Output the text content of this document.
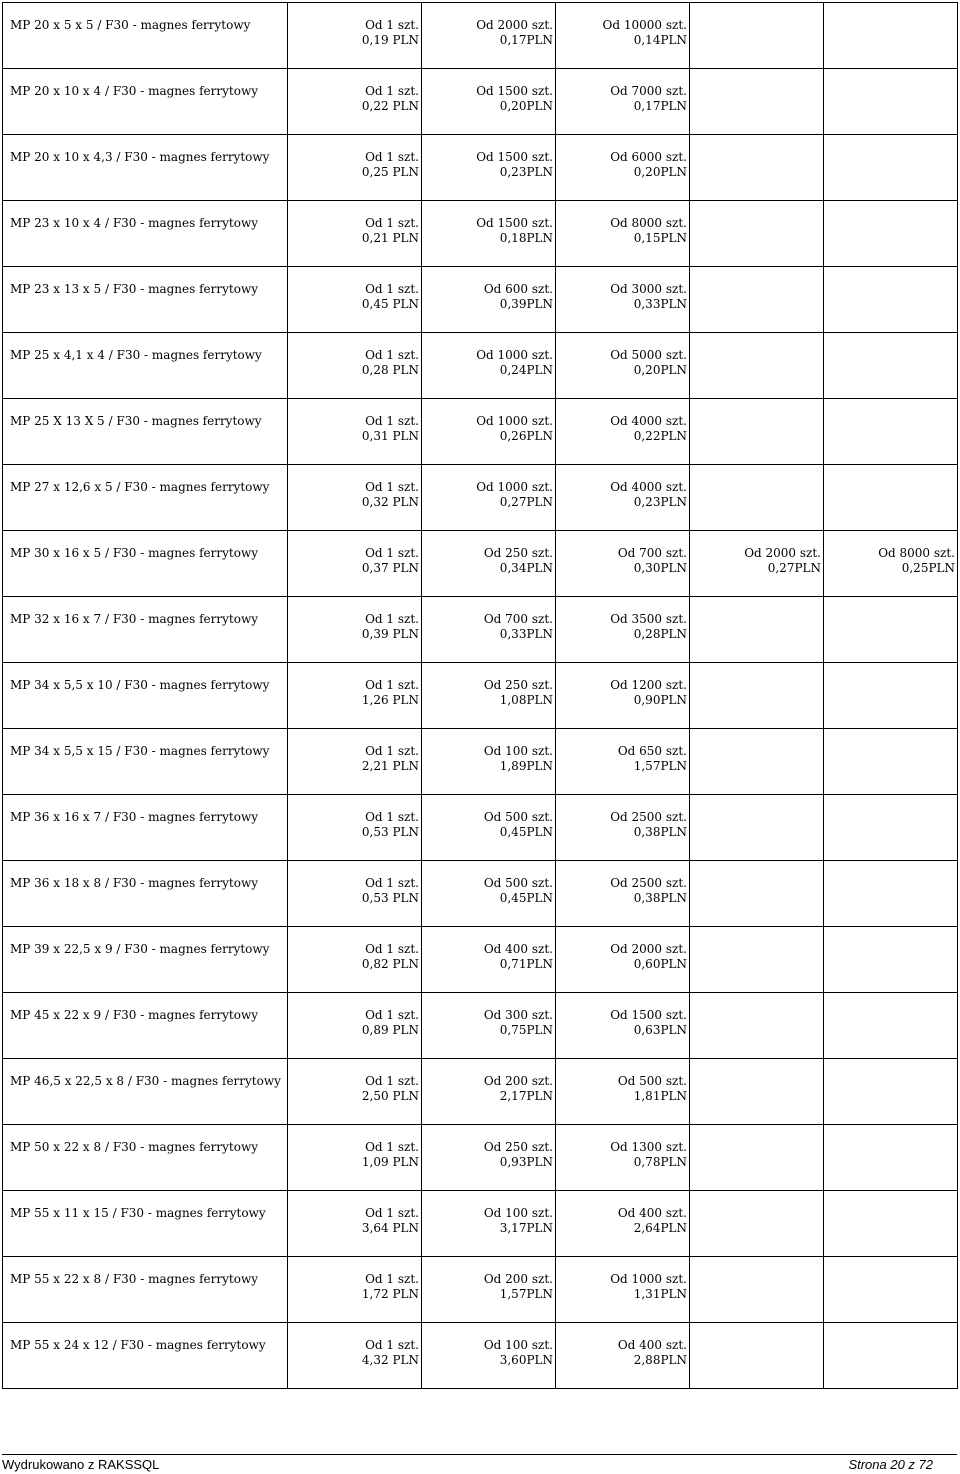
MP 20 x 5 x 5 / F30 - magnes ferrytowy	Od 1 szt.
0,19 PLN	Od 2000 szt.
0,17PLN	Od 10000 szt.
0,14PLN		

MP 20 x 10 x 4 / F30 - magnes ferrytowy	Od 1 szt.
0,22 PLN	Od 1500 szt.
0,20PLN	Od 7000 szt.
0,17PLN		

MP 20 x 10 x 4,3 / F30 - magnes ferrytowy	Od 1 szt.
0,25 PLN	Od 1500 szt.
0,23PLN	Od 6000 szt.
0,20PLN		

MP 23 x 10 x 4 / F30 - magnes ferrytowy	Od 1 szt.
0,21 PLN	Od 1500 szt.
0,18PLN	Od 8000 szt.
0,15PLN		

MP 23 x 13 x 5 / F30 - magnes ferrytowy	Od 1 szt.
0,45 PLN	Od 600 szt.
0,39PLN	Od 3000 szt.
0,33PLN		

MP 25 x 4,1 x 4 / F30 - magnes ferrytowy	Od 1 szt.
0,28 PLN	Od 1000 szt.
0,24PLN	Od 5000 szt.
0,20PLN		

MP 25 X 13 X 5 / F30 - magnes ferrytowy	Od 1 szt.
0,31 PLN	Od 1000 szt.
0,26PLN	Od 4000 szt.
0,22PLN		

MP 27 x 12,6 x 5 / F30 - magnes ferrytowy	Od 1 szt.
0,32 PLN	Od 1000 szt.
0,27PLN	Od 4000 szt.
0,23PLN		

MP 30 x 16 x 5 / F30 - magnes ferrytowy	Od 1 szt.
0,37 PLN	Od 250 szt.
0,34PLN	Od 700 szt.
0,30PLN	Od 2000 szt.
0,27PLN	Od 8000 szt.
0,25PLN

MP 32 x 16 x 7 / F30 - magnes ferrytowy	Od 1 szt.
0,39 PLN	Od 700 szt.
0,33PLN	Od 3500 szt.
0,28PLN		

MP 34 x 5,5 x 10 / F30 - magnes ferrytowy	Od 1 szt.
1,26 PLN	Od 250 szt.
1,08PLN	Od 1200 szt.
0,90PLN		

MP 34 x 5,5 x 15 / F30 - magnes ferrytowy	Od 1 szt.
2,21 PLN	Od 100 szt.
1,89PLN	Od 650 szt.
1,57PLN		

MP 36 x 16 x 7 / F30 - magnes ferrytowy	Od 1 szt.
0,53 PLN	Od 500 szt.
0,45PLN	Od 2500 szt.
0,38PLN		

MP 36 x 18 x 8 / F30 - magnes ferrytowy	Od 1 szt.
0,53 PLN	Od 500 szt.
0,45PLN	Od 2500 szt.
0,38PLN		

MP 39 x 22,5 x 9 / F30 - magnes ferrytowy	Od 1 szt.
0,82 PLN	Od 400 szt.
0,71PLN	Od 2000 szt.
0,60PLN		

MP 45 x 22 x 9 / F30 - magnes ferrytowy	Od 1 szt.
0,89 PLN	Od 300 szt.
0,75PLN	Od 1500 szt.
0,63PLN		

MP 46,5 x 22,5 x 8 / F30 - magnes ferrytowy	Od 1 szt.
2,50 PLN	Od 200 szt.
2,17PLN	Od 500 szt.
1,81PLN		

MP 50 x 22 x 8 / F30 - magnes ferrytowy	Od 1 szt.
1,09 PLN	Od 250 szt.
0,93PLN	Od 1300 szt.
0,78PLN		

MP 55 x 11 x 15 / F30 - magnes ferrytowy	Od 1 szt.
3,64 PLN	Od 100 szt.
3,17PLN	Od 400 szt.
2,64PLN		

MP 55 x 22 x 8 / F30 - magnes ferrytowy	Od 1 szt.
1,72 PLN	Od 200 szt.
1,57PLN	Od 1000 szt.
1,31PLN		

MP 55 x 24 x 12 / F30 - magnes ferrytowy	Od 1 szt.
4,32 PLN	Od 100 szt.
3,60PLN	Od 400 szt.
2,88PLN		

Wydrukowano z RAKSSQL	Strona 20 z 72
